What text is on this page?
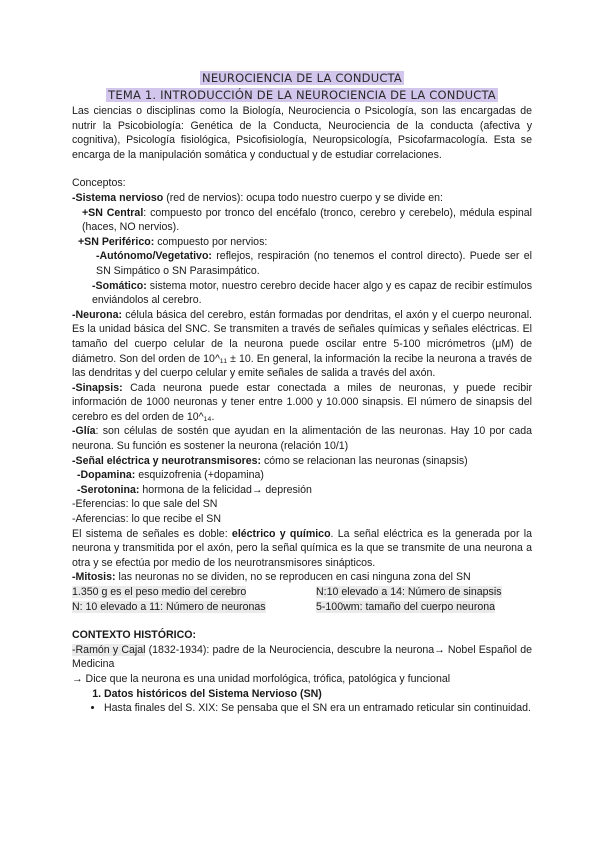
NEUROCIENCIA DE LA CONDUCTA
TEMA 1. INTRODUCCIÓN DE LA NEUROCIENCIA DE LA CONDUCTA

Las ciencias o disciplinas como la Biología, Neurociencia o Psicología, son las encargadas de nutrir la Psicobiología: Genética de la Conducta, Neurociencia de la conducta (afectiva y cognitiva), Psicología fisiológica, Psicofisiología, Neuropsicología, Psicofarmacología. Esta se encarga de la manipulación somática y conductual y de estudiar correlaciones.

Conceptos:

-Sistema nervioso (red de nervios): ocupa todo nuestro cuerpo y se divide en:

+SN Central: compuesto por tronco del encéfalo (tronco, cerebro y cerebelo), médula espinal (haces, NO nervios).

+SN Periférico: compuesto por nervios:

-Autónomo/Vegetativo: reflejos, respiración (no tenemos el control directo). Puede ser el SN Simpático o SN Parasimpático.

-Somático: sistema motor, nuestro cerebro decide hacer algo y es capaz de recibir estímulos enviándolos al cerebro.

-Neurona: célula básica del cerebro, están formadas por dendritas, el axón y el cuerpo neuronal. Es la unidad básica del SNC. Se transmiten a través de señales químicas y señales eléctricas. El tamaño del cuerpo celular de la neurona puede oscilar entre 5-100 micrómetros (μM) de diámetro. Son del orden de 10^₁₁ ± 10. En general, la información la recibe la neurona a través de las dendritas y del cuerpo celular y emite señales de salida a través del axón.

-Sinapsis: Cada neurona puede estar conectada a miles de neuronas, y puede recibir información de 1000 neuronas y tener entre 1.000 y 10.000 sinapsis. El número de sinapsis del cerebro es del orden de 10^₁₄.

-Glía: son células de sostén que ayudan en la alimentación de las neuronas. Hay 10 por cada neurona. Su función es sostener la neurona (relación 10/1)

-Señal eléctrica y neurotransmisores: cómo se relacionan las neuronas (sinapsis)

-Dopamina: esquizofrenia (+dopamina)

-Serotonina: hormona de la felicidad→ depresión

-Eferencias: lo que sale del SN

-Aferencias: lo que recibe el SN

El sistema de señales es doble: eléctrico y químico. La señal eléctrica es la generada por la neurona y transmitida por el axón, pero la señal química es la que se transmite de una neurona a otra y se efectúa por medio de los neurotransmisores sinápticos.

-Mitosis: las neuronas no se dividen, no se reproducen en casi ninguna zona del SN

1.350 g es el peso medio del cerebro	N:10 elevado a 14: Número de sinapsis
N: 10 elevado a 11: Número de neuronas	5-100wm: tamaño del cuerpo neurona

CONTEXTO HISTÓRICO:

-Ramón y Cajal (1832-1934): padre de la Neurociencia, descubre la neurona→ Nobel Español de Medicina

→ Dice que la neurona es una unidad morfológica, trófica, patológica y funcional

1. Datos históricos del Sistema Nervioso (SN)
• Hasta finales del S. XIX: Se pensaba que el SN era un entramado reticular sin continuidad.
